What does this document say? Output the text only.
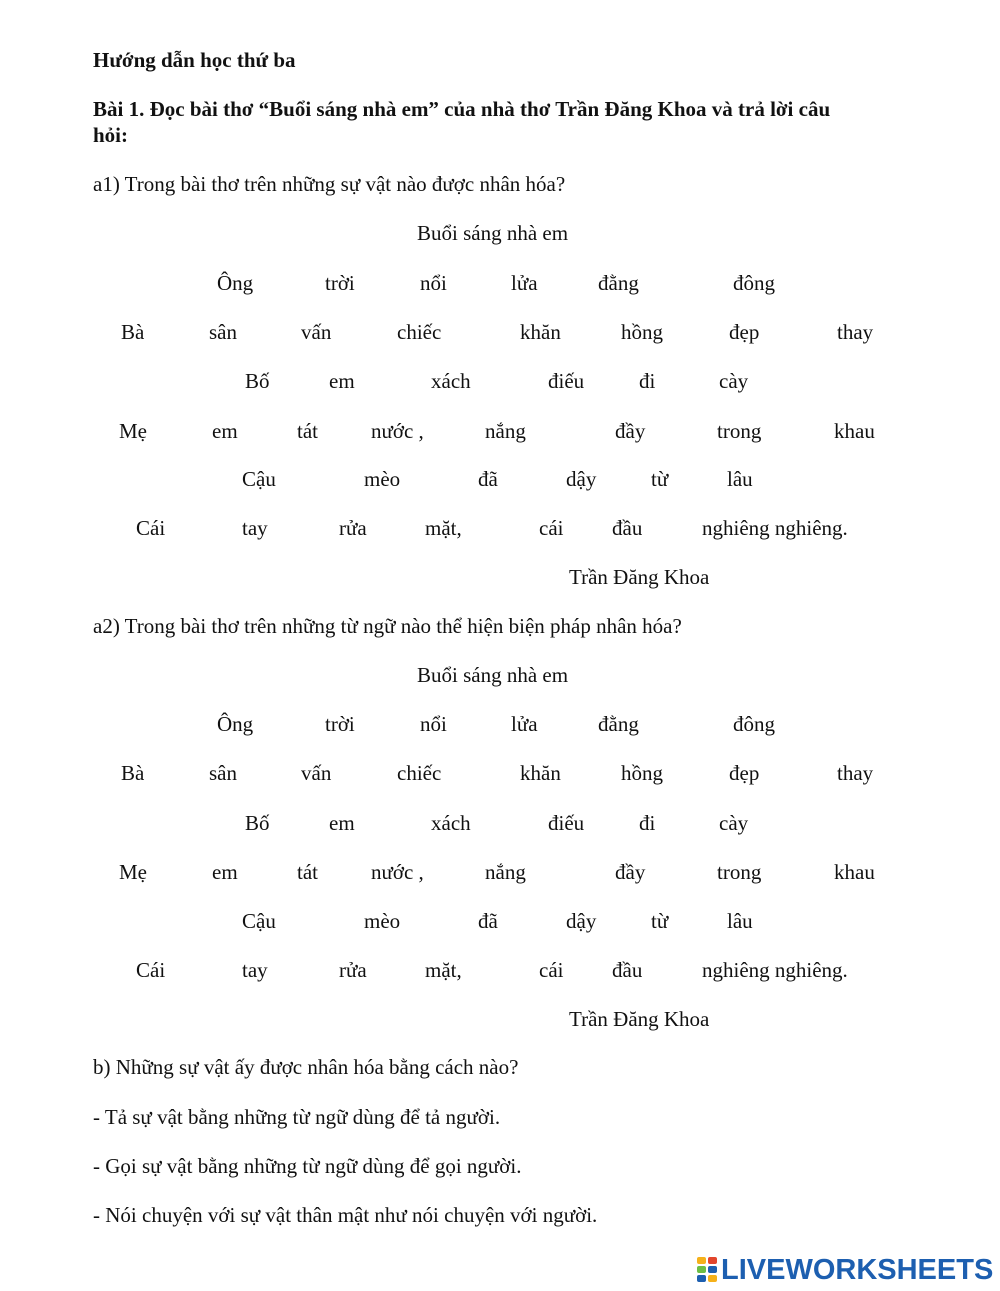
Hướng dẫn học thứ ba
Bài 1. Đọc bài thơ “Buổi sáng nhà em” của nhà thơ Trần Đăng Khoa và trả lời câu
hỏi:
a1) Trong bài thơ trên những sự vật nào được nhân hóa?
Buổi sáng nhà em
Ông	trời	nổi	lửa	đằng	đông
Bà	sân	vấn	chiếc	khăn	hồng	đẹp	thay
Bố	em	xách	điếu	đi	cày
Mẹ	em	tát	nước ,	nắng	đầy	trong	khau
Cậu	mèo	đã	dậy	từ	lâu
Cái	tay	rửa	mặt,	cái đầu	nghiêng nghiêng.
Trần Đăng Khoa
a2) Trong bài thơ trên những từ ngữ nào thể hiện biện pháp nhân hóa?
Buổi sáng nhà em
Ông	trời	nổi	lửa	đằng	đông
Bà	sân	vấn	chiếc	khăn	hồng	đẹp	thay
Bố	em	xách	điếu	đi	cày
Mẹ	em	tát	nước ,	nắng	đầy	trong	khau
Cậu	mèo	đã	dậy	từ	lâu
Cái	tay	rửa	mặt,	cái đầu	nghiêng nghiêng.
Trần Đăng Khoa
b) Những sự vật ấy được nhân hóa bằng cách nào?
- Tả sự vật bằng những từ ngữ dùng để tả người.
- Gọi sự vật bằng những từ ngữ dùng để gọi người.
- Nói chuyện với sự vật thân mật như nói chuyện với người.
LIVEWORKSHEETS
